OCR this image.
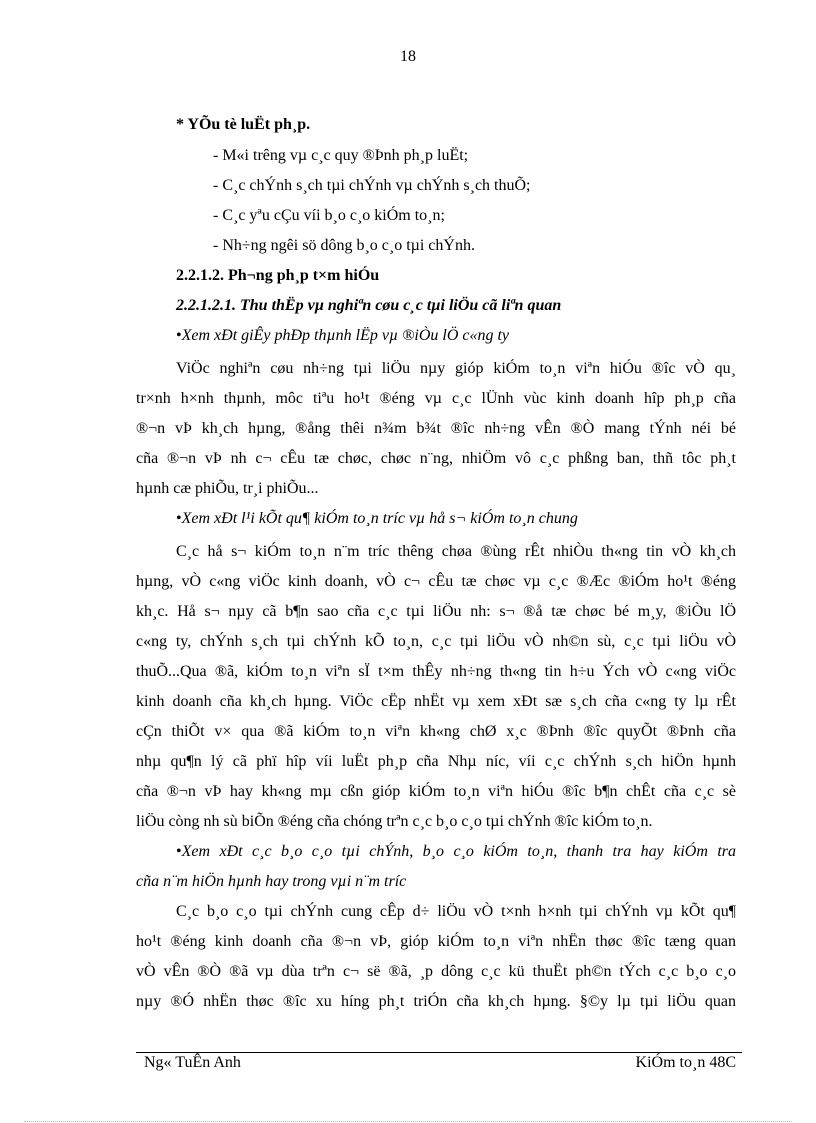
18
* YÕu tè luËt ph¸p.
- M«i trêng vµ c¸c quy ®Þnh ph¸p luËt;
- C¸c chÝnh s¸ch tµi chÝnh vµ chÝnh s¸ch thuÕ;
- C¸c yªu cÇu víi b¸o c¸o kiÓm to¸n;
- Nh÷ng ngêi sö dông b¸o c¸o tµi chÝnh.
2.2.1.2. Ph¬ng ph¸p t×m hiÓu
2.2.1.2.1. Thu thËp vµ nghiªn cøu c¸c tµi liÖu cã liªn quan
•Xem xÐt giÊy phÐp thµnh lËp vµ ®iÒu lÖ c«ng ty
ViÖc nghiªn cøu nh÷ng tµi liÖu nµy gióp kiÓm to¸n viªn hiÓu ®îc vÒ qu¸
tr×nh h×nh thµnh, môc tiªu ho¹t ®éng vµ c¸c lÜnh vùc kinh doanh hîp ph¸p cña
®¬n vÞ kh¸ch hµng, ®ång thêi n¾m b¾t ®îc nh÷ng vÊn ®Ò mang tÝnh néi bé
cña ®¬n vÞ nh c¬ cÊu tæ chøc, chøc n¨ng, nhiÖm vô c¸c phßng ban, thñ tôc ph¸t
hµnh cæ phiÕu, tr¸i phiÕu...
•Xem xÐt l¹i kÕt qu¶ kiÓm to¸n tríc vµ hå s¬ kiÓm to¸n chung
C¸c hå s¬ kiÓm to¸n n¨m tríc thêng chøa ®ùng rÊt nhiÒu th«ng tin vÒ kh¸ch
hµng, vÒ c«ng viÖc kinh doanh, vÒ c¬ cÊu tæ chøc vµ c¸c ®Æc ®iÓm ho¹t ®éng
kh¸c. Hå s¬ nµy cã b¶n sao cña c¸c tµi liÖu nh: s¬ ®å tæ chøc bé m¸y, ®iÒu lÖ
c«ng ty, chÝnh s¸ch tµi chÝnh kÕ to¸n, c¸c tµi liÖu vÒ nh©n sù, c¸c tµi liÖu vÒ
thuÕ...Qua ®ã, kiÓm to¸n viªn sÏ t×m thÊy nh÷ng th«ng tin h÷u Ých vÒ c«ng viÖc
kinh doanh cña kh¸ch hµng. ViÖc cËp nhËt vµ xem xÐt sæ s¸ch cña c«ng ty lµ rÊt
cÇn thiÕt v× qua ®ã kiÓm to¸n viªn kh«ng chØ x¸c ®Þnh ®îc quyÕt ®Þnh cña
nhµ qu¶n lý cã phï hîp víi luËt ph¸p cña Nhµ níc, víi c¸c chÝnh s¸ch hiÖn hµnh
cña ®¬n vÞ hay kh«ng mµ cßn gióp kiÓm to¸n viªn hiÓu ®îc b¶n chÊt cña c¸c sè
liÖu còng nh sù biÕn ®éng cña chóng trªn c¸c b¸o c¸o tµi chÝnh ®îc kiÓm to¸n.
•Xem xÐt c¸c b¸o c¸o tµi chÝnh, b¸o c¸o kiÓm to¸n, thanh tra hay kiÓm tra
cña n¨m hiÖn hµnh hay trong vµi n¨m tríc
C¸c b¸o c¸o tµi chÝnh cung cÊp d÷ liÖu vÒ t×nh h×nh tµi chÝnh vµ kÕt qu¶
ho¹t ®éng kinh doanh cña ®¬n vÞ, gióp kiÓm to¸n viªn nhËn thøc ®îc tæng quan
vÒ vÊn ®Ò ®ã vµ dùa trªn c¬ së ®ã, ¸p dông c¸c kü thuËt ph©n tÝch c¸c b¸o c¸o
nµy ®Ó nhËn thøc ®îc xu híng ph¸t triÓn cña kh¸ch hµng. §©y lµ tµi liÖu quan
Ng« TuÊn Anh	KiÓm to¸n 48C
